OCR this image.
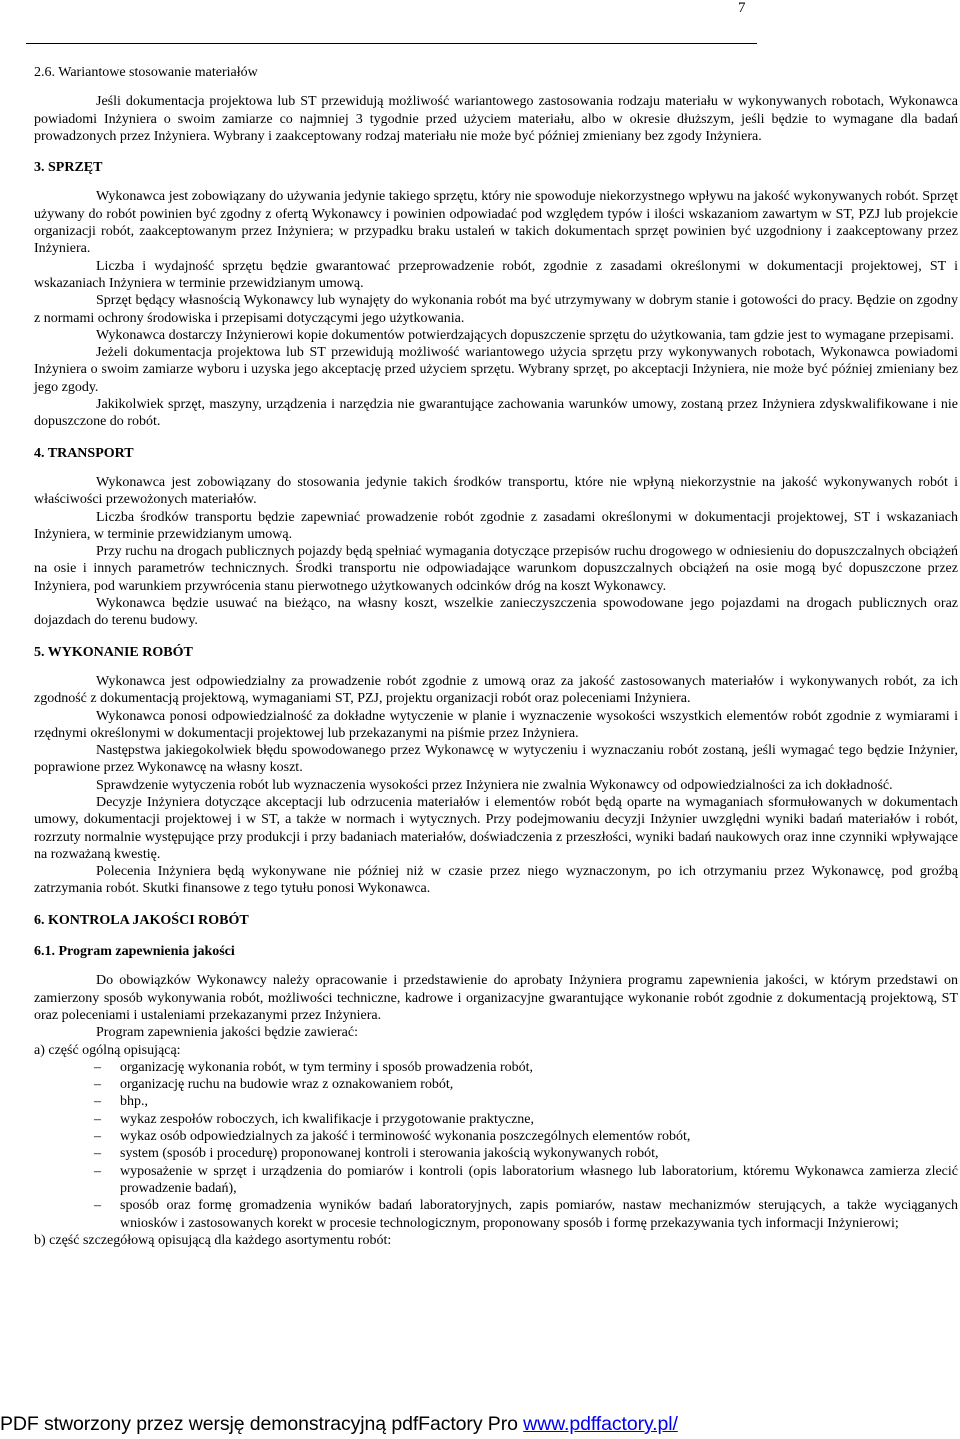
7
2.6. Wariantowe stosowanie materiałów

Jeśli dokumentacja projektowa lub ST przewidują możliwość wariantowego zastosowania rodzaju materiału w wykonywanych robotach, Wykonawca powiadomi Inżyniera o swoim zamiarze co najmniej 3 tygodnie przed użyciem materiału, albo w okresie dłuższym, jeśli będzie to wymagane dla badań prowadzonych przez Inżyniera. Wybrany i zaakceptowany rodzaj materiału nie może być później zmieniany bez zgody Inżyniera.

3. SPRZĘT

Wykonawca jest zobowiązany do używania jedynie takiego sprzętu, który nie spowoduje niekorzystnego wpływu na jakość wykonywanych robót. Sprzęt używany do robót powinien być zgodny z ofertą Wykonawcy i powinien odpowiadać pod względem typów i ilości wskazaniom zawartym w ST, PZJ lub projekcie organizacji robót, zaakceptowanym przez Inżyniera; w przypadku braku ustaleń w takich dokumentach sprzęt powinien być uzgodniony i zaakceptowany przez Inżyniera.

Liczba i wydajność sprzętu będzie gwarantować przeprowadzenie robót, zgodnie z zasadami określonymi w dokumentacji projektowej, ST i wskazaniach Inżyniera w terminie przewidzianym umową.

Sprzęt będący własnością Wykonawcy lub wynajęty do wykonania robót ma być utrzymywany w dobrym stanie i gotowości do pracy. Będzie on zgodny z normami ochrony środowiska i przepisami dotyczącymi jego użytkowania.

Wykonawca dostarczy Inżynierowi kopie dokumentów potwierdzających dopuszczenie sprzętu do użytkowania, tam gdzie jest to wymagane przepisami.

Jeżeli dokumentacja projektowa lub ST przewidują możliwość wariantowego użycia sprzętu przy wykonywanych robotach, Wykonawca powiadomi Inżyniera o swoim zamiarze wyboru i uzyska jego akceptację przed użyciem sprzętu. Wybrany sprzęt, po akceptacji Inżyniera, nie może być później zmieniany bez jego zgody.

Jakikolwiek sprzęt, maszyny, urządzenia i narzędzia nie gwarantujące zachowania warunków umowy, zostaną przez Inżyniera zdyskwalifikowane i nie dopuszczone do robót.

4. TRANSPORT

Wykonawca jest zobowiązany do stosowania jedynie takich środków transportu, które nie wpłyną niekorzystnie na jakość wykonywanych robót i właściwości przewożonych materiałów.

Liczba środków transportu będzie zapewniać prowadzenie robót zgodnie z zasadami określonymi w dokumentacji projektowej, ST i wskazaniach Inżyniera, w terminie przewidzianym umową.

Przy ruchu na drogach publicznych pojazdy będą spełniać wymagania dotyczące przepisów ruchu drogowego w odniesieniu do dopuszczalnych obciążeń na osie i innych parametrów technicznych. Środki transportu nie odpowiadające warunkom dopuszczalnych obciążeń na osie mogą być dopuszczone przez Inżyniera, pod warunkiem przywrócenia stanu pierwotnego użytkowanych odcinków dróg na koszt Wykonawcy.

Wykonawca będzie usuwać na bieżąco, na własny koszt, wszelkie zanieczyszczenia spowodowane jego pojazdami na drogach publicznych oraz dojazdach do terenu budowy.

5. WYKONANIE ROBÓT

Wykonawca jest odpowiedzialny za prowadzenie robót zgodnie z umową oraz za jakość zastosowanych materiałów i wykonywanych robót, za ich zgodność z dokumentacją projektową, wymaganiami ST, PZJ, projektu organizacji robót oraz poleceniami Inżyniera.

Wykonawca ponosi odpowiedzialność za dokładne wytyczenie w planie i wyznaczenie wysokości wszystkich elementów robót zgodnie z wymiarami i rzędnymi określonymi w dokumentacji projektowej lub przekazanymi na piśmie przez Inżyniera.

Następstwa jakiegokolwiek błędu spowodowanego przez Wykonawcę w wytyczeniu i wyznaczaniu robót zostaną, jeśli wymagać tego będzie Inżynier, poprawione przez Wykonawcę na własny koszt.

Sprawdzenie wytyczenia robót lub wyznaczenia wysokości przez Inżyniera nie zwalnia Wykonawcy od odpowiedzialności za ich dokładność.

Decyzje Inżyniera dotyczące akceptacji lub odrzucenia materiałów i elementów robót będą oparte na wymaganiach sformułowanych w dokumentach umowy, dokumentacji projektowej i w ST, a także w normach i wytycznych. Przy podejmowaniu decyzji Inżynier uwzględni wyniki badań materiałów i robót, rozrzuty normalnie występujące przy produkcji i przy badaniach materiałów, doświadczenia z przeszłości, wyniki badań naukowych oraz inne czynniki wpływające na rozważaną kwestię.

Polecenia Inżyniera będą wykonywane nie później niż w czasie przez niego wyznaczonym, po ich otrzymaniu przez Wykonawcę, pod groźbą zatrzymania robót. Skutki finansowe z tego tytułu ponosi Wykonawca.

6. KONTROLA JAKOŚCI ROBÓT
6.1. Program zapewnienia jakości

Do obowiązków Wykonawcy należy opracowanie i przedstawienie do aprobaty Inżyniera programu zapewnienia jakości, w którym przedstawi on zamierzony sposób wykonywania robót, możliwości techniczne, kadrowe i organizacyjne gwarantujące wykonanie robót zgodnie z dokumentacją projektową, ST oraz poleceniami i ustaleniami przekazanymi przez Inżyniera.

Program zapewnienia jakości będzie zawierać:

a) część ogólną opisującą:

– organizację wykonania robót, w tym terminy i sposób prowadzenia robót,
– organizację ruchu na budowie wraz z oznakowaniem robót,
– bhp.,
– wykaz zespołów roboczych, ich kwalifikacje i przygotowanie praktyczne,
– wykaz osób odpowiedzialnych za jakość i terminowość wykonania poszczególnych elementów robót,
– system (sposób i procedurę) proponowanej kontroli i sterowania jakością wykonywanych robót,
– wyposażenie w sprzęt i urządzenia do pomiarów i kontroli (opis laboratorium własnego lub laboratorium, któremu Wykonawca zamierza zlecić prowadzenie badań),
– sposób oraz formę gromadzenia wyników badań laboratoryjnych, zapis pomiarów, nastaw mechanizmów sterujących, a także wyciąganych wniosków i zastosowanych korekt w procesie technologicznym, proponowany sposób i formę przekazywania tych informacji Inżynierowi;

b) część szczegółową opisującą dla każdego asortymentu robót:

PDF stworzony przez wersję demonstracyjną pdfFactory Pro www.pdffactory.pl/
